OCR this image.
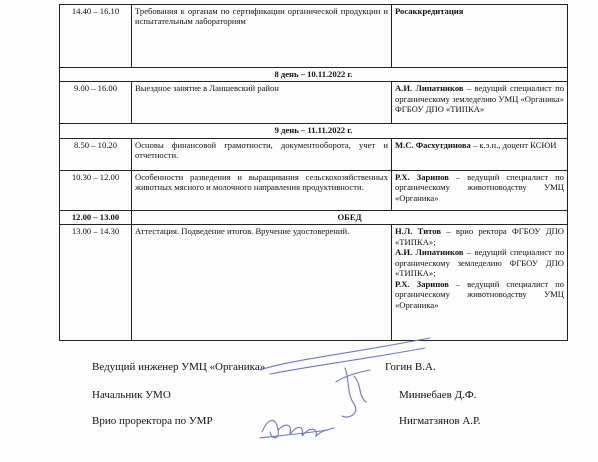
14.40 – 16.10	Требования к органам по сертификации органической продукции и испытательным лабораториям	Росаккредитация
8 день – 10.11.2022 г.		
9.00 – 16.00	Выездное занятие в Лаишевский район	А.И. Липатников – ведущий специалист по органическому земледелию УМЦ «Органика» ФГБОУ ДПО «ТИПКА»
9 день – 11.11.2022 г.		
8.50 – 10.20	Основы финансовой грамотности, документооборота, учет и отчетности.	М.С. Фасхутдинова – к.э.н., доцент КСЮИ
10.30 – 12.00	Особенности разведения и выращивания сельскохозяйственных животных мясного и молочного направления продуктивности.	Р.Х. Зарипов – ведущий специалист по органическому животноводству УМЦ «Органика»
12.00 – 13.00	ОБЕД	
13.00 – 14.30	Аттестация. Подведение итогов. Вручение удостоверений.	Н.Л. Титов – врио ректора ФГБОУ ДПО «ТИПКА»;
А.И. Липатников – ведущий специалист по органическому земледелию ФГБОУ ДПО «ТИПКА»;
Р.Х. Зарипов – ведущий специалист по органическому животноводству УМЦ «Органика»
Ведущий инженер УМЦ «Органика»	Гогин В.А.
Начальник УМО	Миннебаев Д.Ф.
Врио проректора по УМР	Нигматзянов А.Р.
